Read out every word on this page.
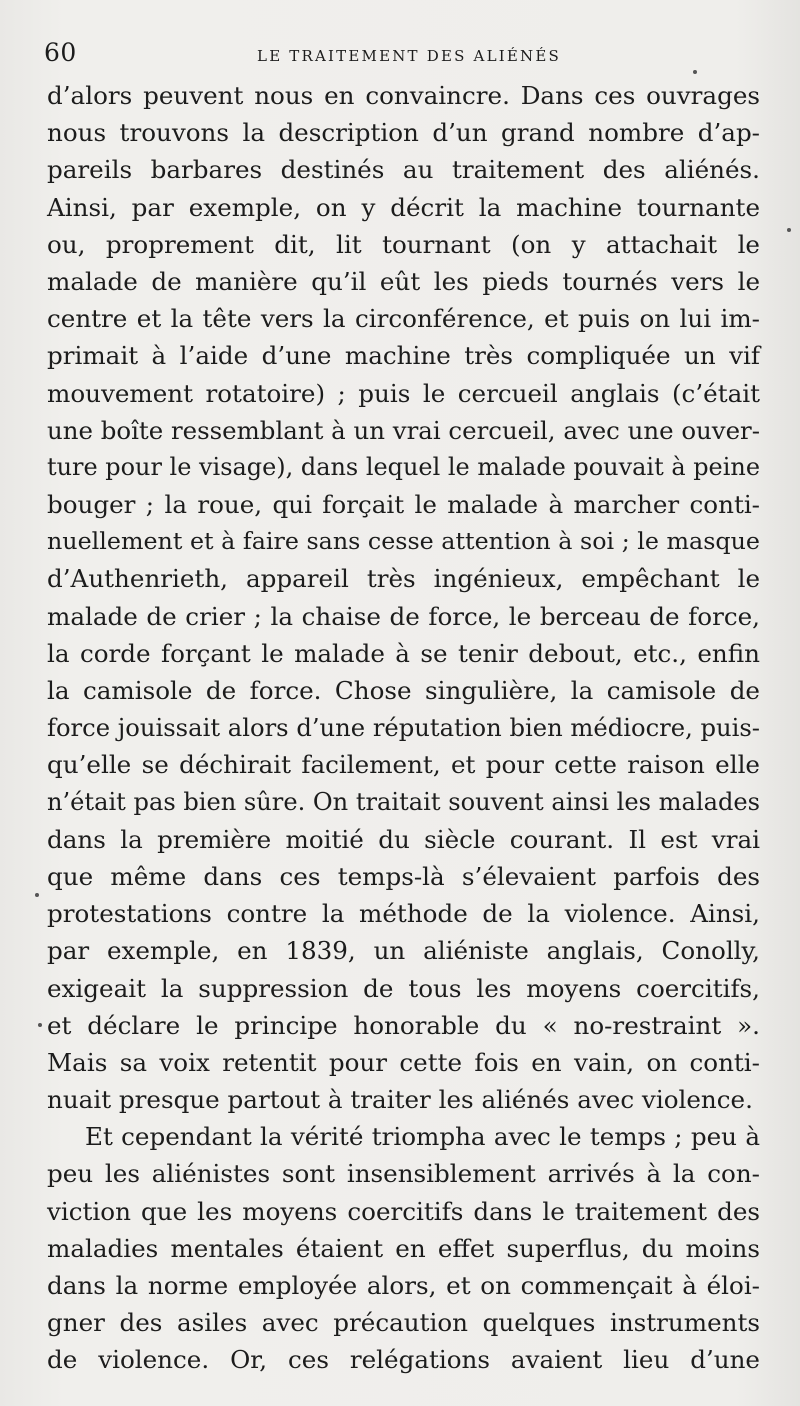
60	LE TRAITEMENT DES ALIÉNÉS
d’alors peuvent nous en convaincre. Dans ces ouvrages
nous trouvons la description d’un grand nombre d’ap-
pareils barbares destinés au traitement des aliénés.
Ainsi, par exemple, on y décrit la machine tournante
ou, proprement dit, lit tournant (on y attachait le
malade de manière qu’il eût les pieds tournés vers le
centre et la tête vers la circonférence, et puis on lui im-
primait à l’aide d’une machine très compliquée un vif
mouvement rotatoire) ; puis le cercueil anglais (c’était
une boîte ressemblant à un vrai cercueil, avec une ouver-
ture pour le visage), dans lequel le malade pouvait à peine
bouger ; la roue, qui forçait le malade à marcher conti-
nuellement et à faire sans cesse attention à soi ; le masque
d’Authenrieth, appareil très ingénieux, empêchant le
malade de crier ; la chaise de force, le berceau de force,
la corde forçant le malade à se tenir debout, etc., enfin
la camisole de force. Chose singulière, la camisole de
force jouissait alors d’une réputation bien médiocre, puis-
qu’elle se déchirait facilement, et pour cette raison elle
n’était pas bien sûre. On traitait souvent ainsi les malades
dans la première moitié du siècle courant. Il est vrai
que même dans ces temps-là s’élevaient parfois des
protestations contre la méthode de la violence. Ainsi,
par exemple, en 1839, un aliéniste anglais, Conolly,
exigeait la suppression de tous les moyens coercitifs,
et déclare le principe honorable du « no-restraint ».
Mais sa voix retentit pour cette fois en vain, on conti-
nuait presque partout à traiter les aliénés avec violence.
Et cependant la vérité triompha avec le temps ; peu à
peu les aliénistes sont insensiblement arrivés à la con-
viction que les moyens coercitifs dans le traitement des
maladies mentales étaient en effet superflus, du moins
dans la norme employée alors, et on commençait à éloi-
gner des asiles avec précaution quelques instruments
de violence. Or, ces relégations avaient lieu d’une
